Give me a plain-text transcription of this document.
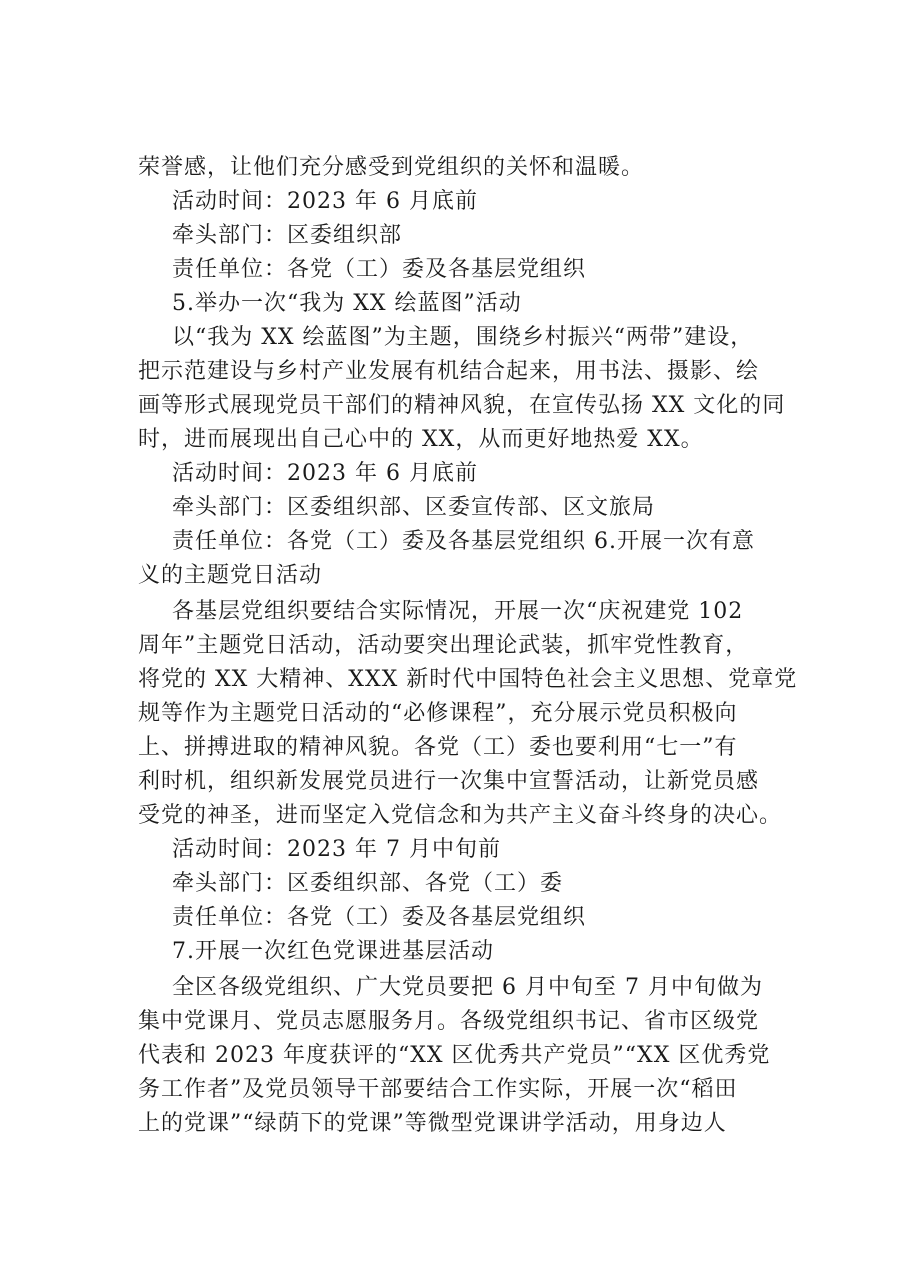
荣誉感，让他们充分感受到党组织的关怀和温暖。
活动时间：2023 年 6 月底前
牵头部门：区委组织部
责任单位：各党（工）委及各基层党组织
5.举办一次“我为 XX 绘蓝图”活动
以“我为 XX 绘蓝图”为主题，围绕乡村振兴“两带”建设，
把示范建设与乡村产业发展有机结合起来，用书法、摄影、绘
画等形式展现党员干部们的精神风貌，在宣传弘扬 XX 文化的同
时，进而展现出自己心中的 XX，从而更好地热爱 XX。
活动时间：2023 年 6 月底前
牵头部门：区委组织部、区委宣传部、区文旅局
责任单位：各党（工）委及各基层党组织 6.开展一次有意
义的主题党日活动
各基层党组织要结合实际情况，开展一次“庆祝建党 102
周年”主题党日活动，活动要突出理论武装，抓牢党性教育，
将党的 XX 大精神、XXX 新时代中国特色社会主义思想、党章党
规等作为主题党日活动的“必修课程”，充分展示党员积极向
上、拼搏进取的精神风貌。各党（工）委也要利用“七一”有
利时机，组织新发展党员进行一次集中宣誓活动，让新党员感
受党的神圣，进而坚定入党信念和为共产主义奋斗终身的决心。
活动时间：2023 年 7 月中旬前
牵头部门：区委组织部、各党（工）委
责任单位：各党（工）委及各基层党组织
7.开展一次红色党课进基层活动
全区各级党组织、广大党员要把 6 月中旬至 7 月中旬做为
集中党课月、党员志愿服务月。各级党组织书记、省市区级党
代表和 2023 年度获评的“XX 区优秀共产党员”“XX 区优秀党
务工作者”及党员领导干部要结合工作实际，开展一次“稻田
上的党课”“绿荫下的党课”等微型党课讲学活动，用身边人
